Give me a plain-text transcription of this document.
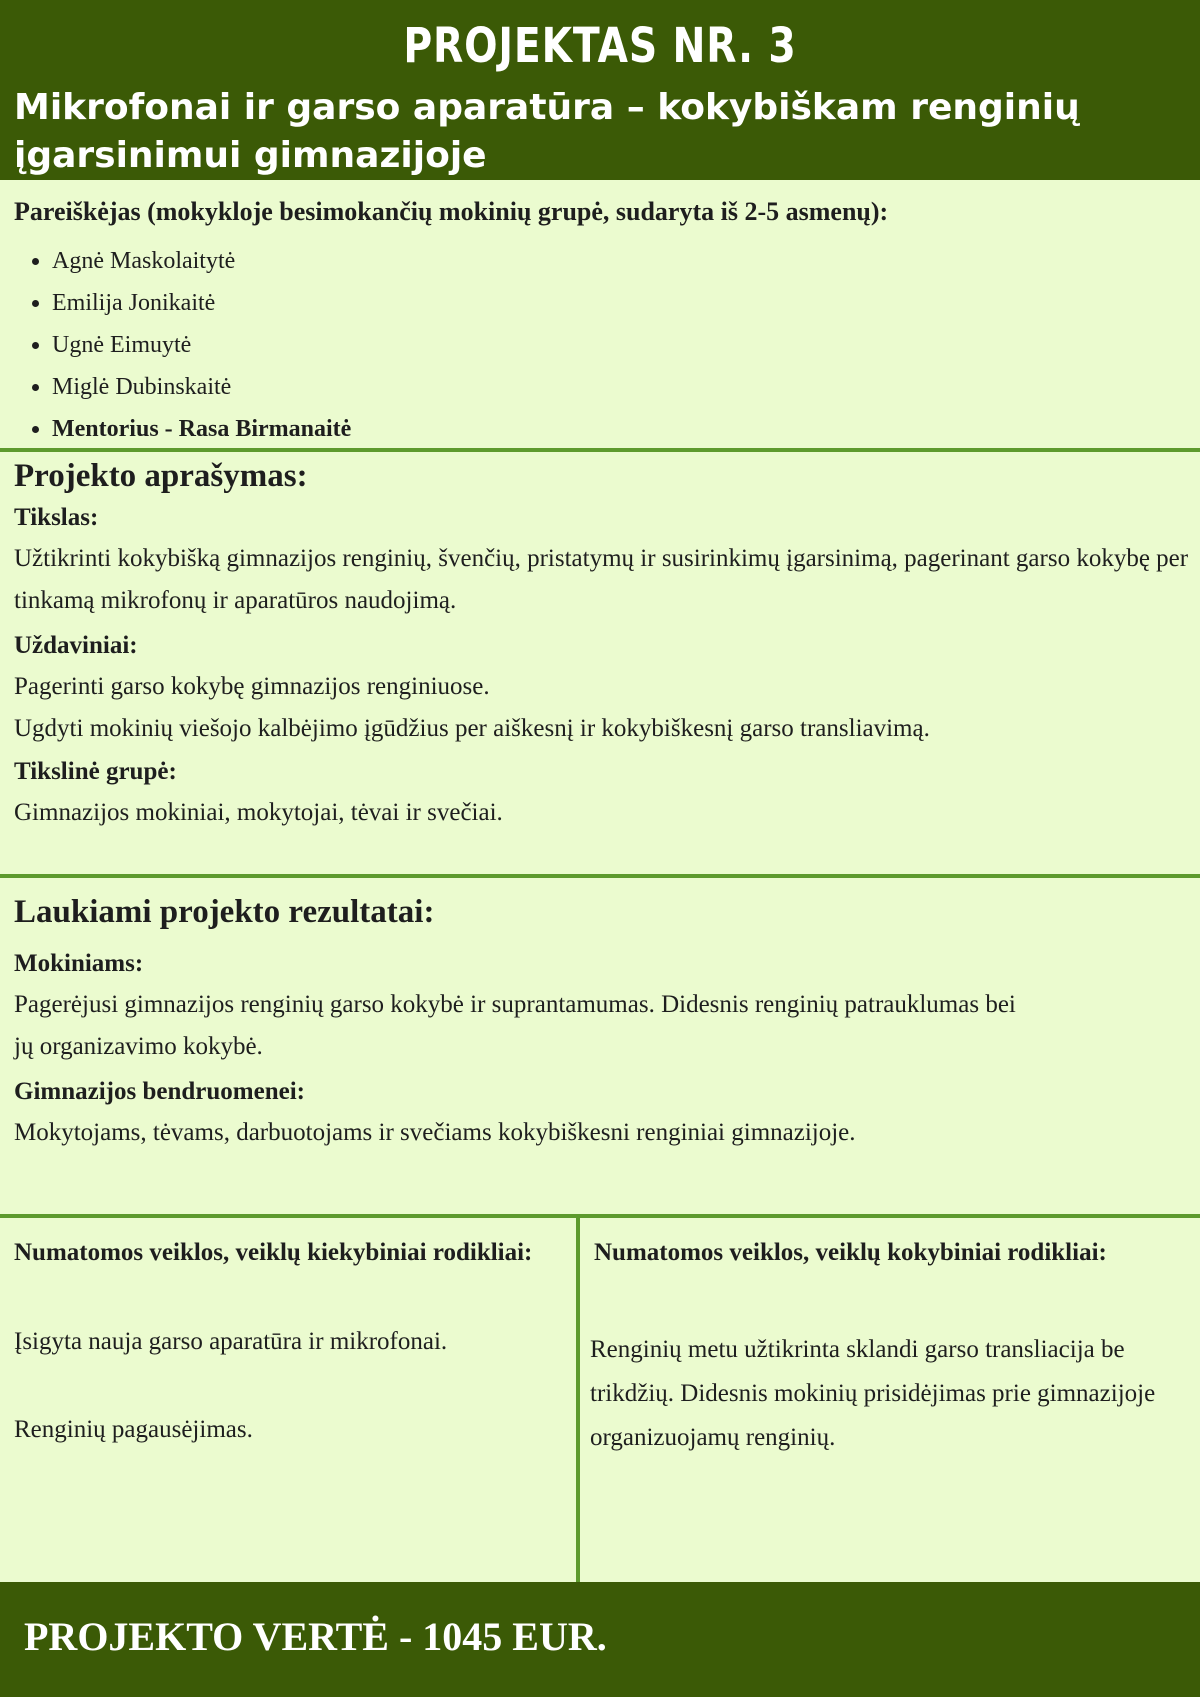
PROJEKTAS NR. 3
Mikrofonai ir garso aparatūra – kokybiškam renginių įgarsinimui gimnazijoje
Pareiškėjas (mokykloje besimokančių mokinių grupė, sudaryta iš 2-5 asmenų):
• Agnė Maskolaitytė
• Emilija Jonikaitė
• Ugnė Eimuytė
• Miglė Dubinskaitė
• Mentorius - Rasa Birmanaitė
Projekto aprašymas:
Tikslas:
Užtikrinti kokybišką gimnazijos renginių, švenčių, pristatymų ir susirinkimų įgarsinimą, pagerinant garso kokybę per tinkamą mikrofonų ir aparatūros naudojimą.
Uždaviniai:
Pagerinti garso kokybę gimnazijos renginiuose.
Ugdyti mokinių viešojo kalbėjimo įgūdžius per aiškesnį ir kokybiškesnį garso transliavimą.
Tikslinė grupė:
Gimnazijos mokiniai, mokytojai, tėvai ir svečiai.
Laukiami projekto rezultatai:
Mokiniams:
Pagerėjusi gimnazijos renginių garso kokybė ir suprantamumas. Didesnis renginių patrauklumas bei jų organizavimo kokybė.
Gimnazijos bendruomenei:
Mokytojams, tėvams, darbuotojams ir svečiams kokybiškesni renginiai gimnazijoje.
Numatomos veiklos, veiklų kiekybiniai rodikliai:
Įsigyta nauja garso aparatūra ir mikrofonai.
Renginių pagausėjimas.
Numatomos veiklos, veiklų kokybiniai rodikliai:
Renginių metu užtikrinta sklandi garso transliacija be trikdžių. Didesnis mokinių prisidėjimas prie gimnazijoje organizuojamų renginių.
PROJEKTO VERTĖ - 1045 EUR.
